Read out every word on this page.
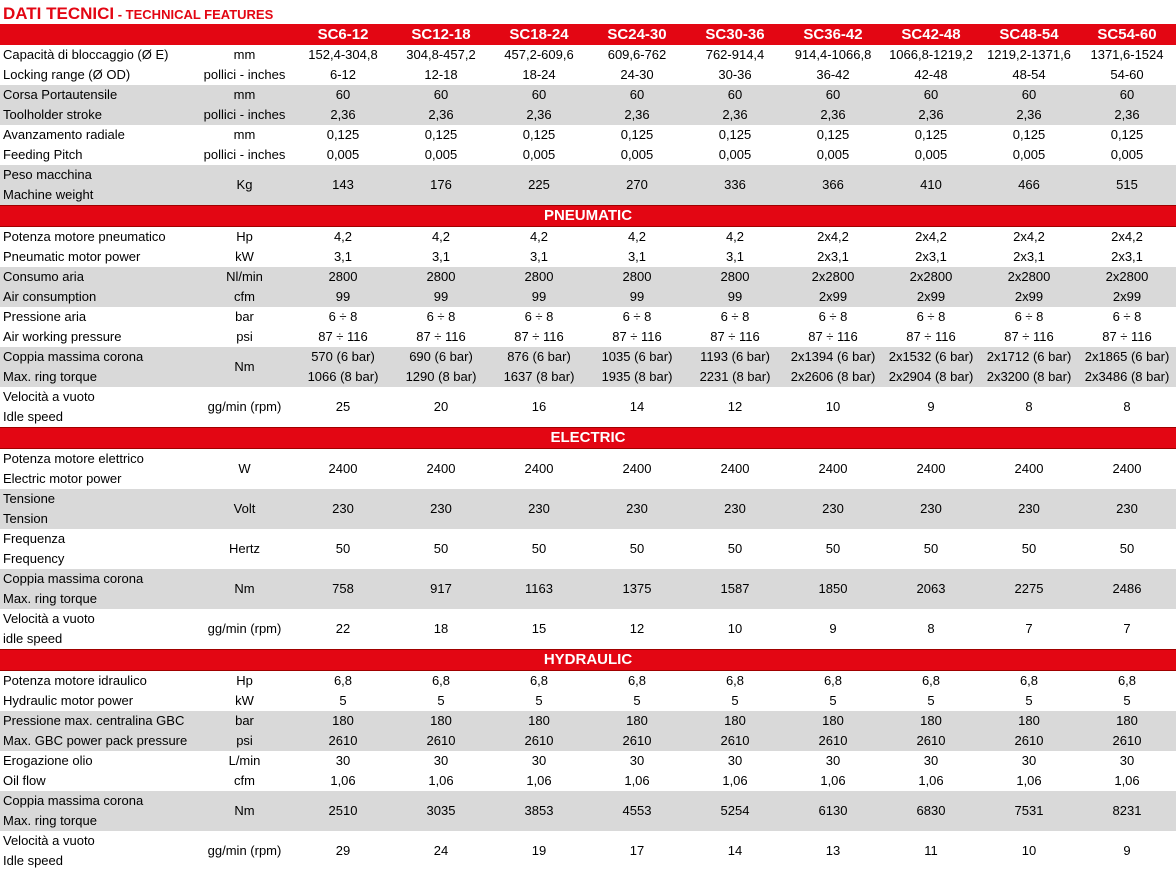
DATI TECNICI - TECHNICAL FEATURES
		SC6-12	SC12-18	SC18-24	SC24-30	SC30-36	SC36-42	SC42-48	SC48-54	SC54-60
Capacità di bloccaggio (Ø E)	mm	152,4-304,8	304,8-457,2	457,2-609,6	609,6-762	762-914,4	914,4-1066,8	1066,8-1219,2	1219,2-1371,6	1371,6-1524
Locking range (Ø OD)	pollici - inches	6-12	12-18	18-24	24-30	30-36	36-42	42-48	48-54	54-60
Corsa Portautensile	mm	60	60	60	60	60	60	60	60	60
Toolholder stroke	pollici - inches	2,36	2,36	2,36	2,36	2,36	2,36	2,36	2,36	2,36
Avanzamento radiale	mm	0,125	0,125	0,125	0,125	0,125	0,125	0,125	0,125	0,125
Feeding Pitch	pollici - inches	0,005	0,005	0,005	0,005	0,005	0,005	0,005	0,005	0,005
Peso macchina	Kg	143	176	225	270	336	366	410	466	515
Machine weight										
PNEUMATIC										
Potenza motore pneumatico	Hp	4,2	4,2	4,2	4,2	4,2	2x4,2	2x4,2	2x4,2	2x4,2
Pneumatic motor power	kW	3,1	3,1	3,1	3,1	3,1	2x3,1	2x3,1	2x3,1	2x3,1
Consumo aria	Nl/min	2800	2800	2800	2800	2800	2x2800	2x2800	2x2800	2x2800
Air consumption	cfm	99	99	99	99	99	2x99	2x99	2x99	2x99
Pressione aria	bar	6 ÷ 8	6 ÷ 8	6 ÷ 8	6 ÷ 8	6 ÷ 8	6 ÷ 8	6 ÷ 8	6 ÷ 8	6 ÷ 8
Air working pressure	psi	87 ÷ 116	87 ÷ 116	87 ÷ 116	87 ÷ 116	87 ÷ 116	87 ÷ 116	87 ÷ 116	87 ÷ 116	87 ÷ 116
Coppia massima corona	Nm	570 (6 bar)	690 (6 bar)	876 (6 bar)	1035 (6 bar)	1193 (6 bar)	2x1394 (6 bar)	2x1532 (6 bar)	2x1712 (6 bar)	2x1865 (6 bar)
Max. ring torque		1066 (8 bar)	1290 (8 bar)	1637 (8 bar)	1935 (8 bar)	2231 (8 bar)	2x2606 (8 bar)	2x2904 (8 bar)	2x3200 (8 bar)	2x3486 (8 bar)
Velocità a vuoto	gg/min (rpm)	25	20	16	14	12	10	9	8	8
Idle speed										
ELECTRIC										
Potenza motore elettrico	W	2400	2400	2400	2400	2400	2400	2400	2400	2400
Electric motor power										
Tensione	Volt	230	230	230	230	230	230	230	230	230
Tension										
Frequenza	Hertz	50	50	50	50	50	50	50	50	50
Frequency										
Coppia massima corona	Nm	758	917	1163	1375	1587	1850	2063	2275	2486
Max. ring torque										
Velocità a vuoto	gg/min (rpm)	22	18	15	12	10	9	8	7	7
idle speed										
HYDRAULIC										
Potenza motore idraulico	Hp	6,8	6,8	6,8	6,8	6,8	6,8	6,8	6,8	6,8
Hydraulic motor power	kW	5	5	5	5	5	5	5	5	5
Pressione max. centralina GBC	bar	180	180	180	180	180	180	180	180	180
Max. GBC power pack pressure	psi	2610	2610	2610	2610	2610	2610	2610	2610	2610
Erogazione olio	L/min	30	30	30	30	30	30	30	30	30
Oil flow	cfm	1,06	1,06	1,06	1,06	1,06	1,06	1,06	1,06	1,06
Coppia massima corona	Nm	2510	3035	3853	4553	5254	6130	6830	7531	8231
Max. ring torque										
Velocità a vuoto	gg/min (rpm)	29	24	19	17	14	13	11	10	9
Idle speed										
